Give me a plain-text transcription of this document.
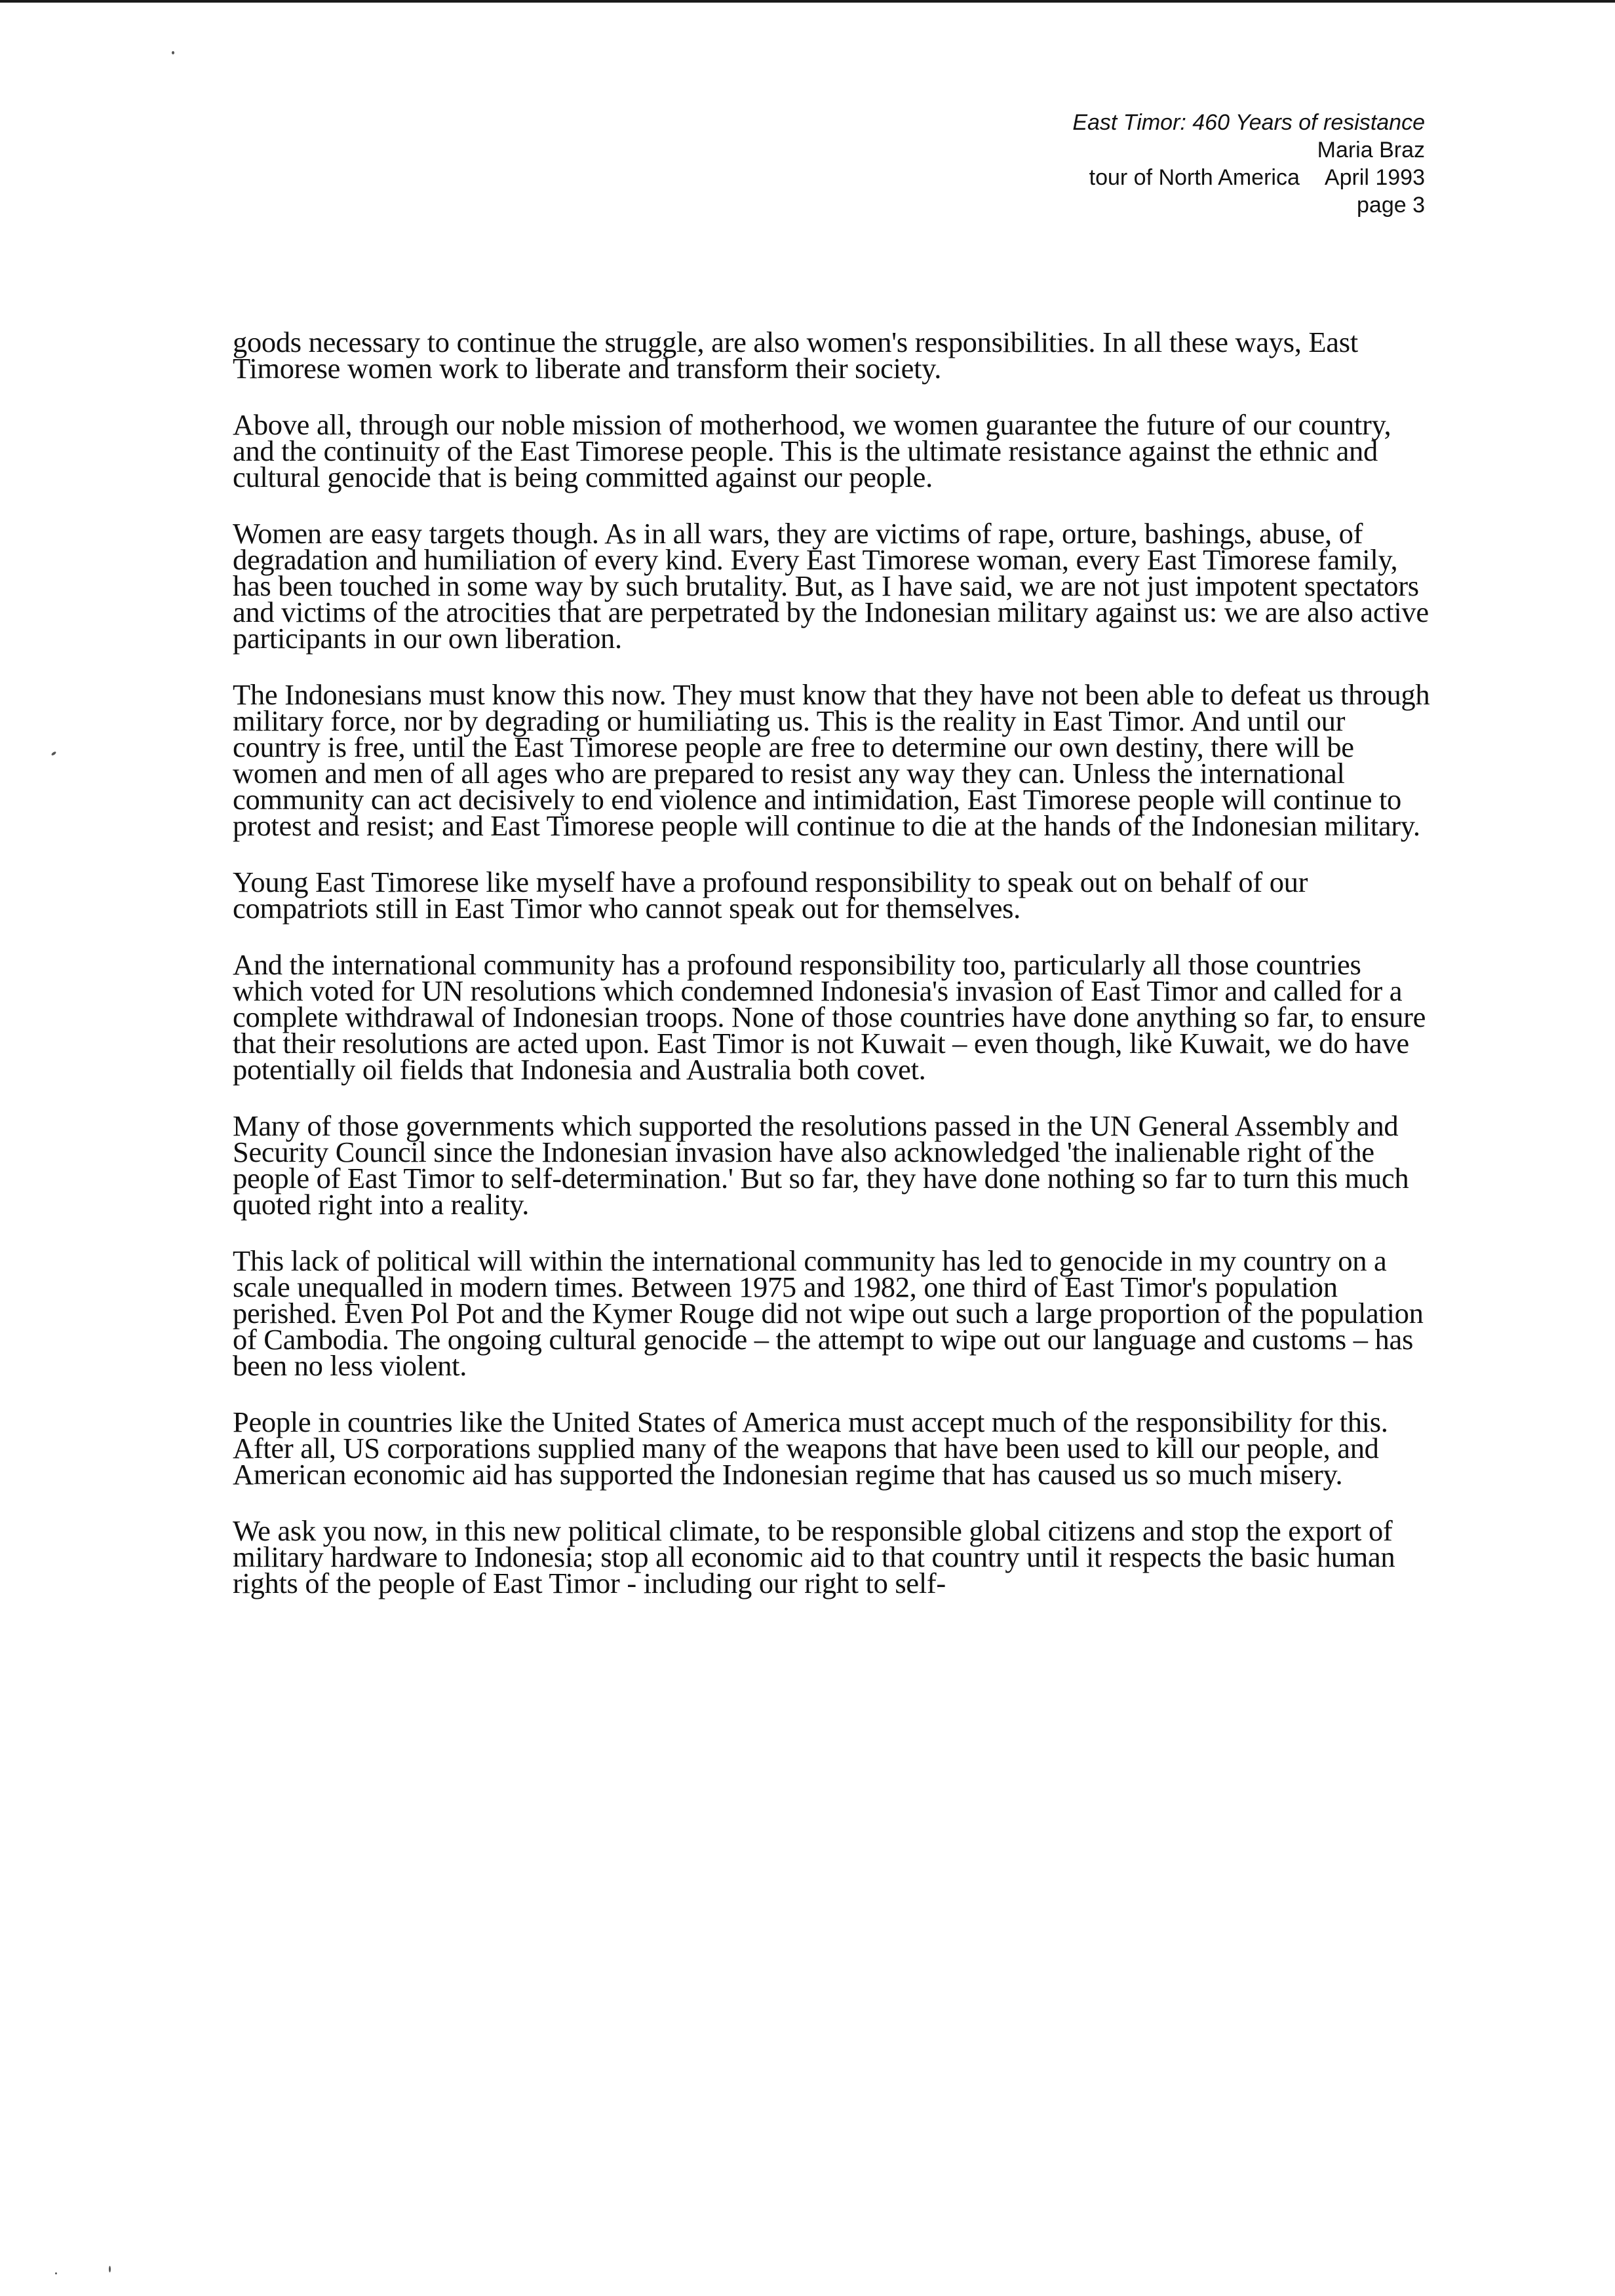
East Timor: 460 Years of resistance
Maria Braz
tour of North America April 1993
page 3

goods necessary to continue the struggle, are also women's responsibilities. In all these ways, East Timorese women work to liberate and transform their society.

Above all, through our noble mission of motherhood, we women guarantee the future of our country, and the continuity of the East Timorese people. This is the ultimate resistance against the ethnic and cultural genocide that is being committed against our people.

Women are easy targets though. As in all wars, they are victims of rape, orture, bashings, abuse, of degradation and humiliation of every kind. Every East Timorese woman, every East Timorese family, has been touched in some way by such brutality. But, as I have said, we are not just impotent spectators and victims of the atrocities that are perpetrated by the Indonesian military against us: we are also active participants in our own liberation.

The Indonesians must know this now. They must know that they have not been able to defeat us through military force, nor by degrading or humiliating us. This is the reality in East Timor. And until our country is free, until the East Timorese people are free to determine our own destiny, there will be women and men of all ages who are prepared to resist any way they can. Unless the international community can act decisively to end violence and intimidation, East Timorese people will continue to protest and resist; and East Timorese people will continue to die at the hands of the Indonesian military.

Young East Timorese like myself have a profound responsibility to speak out on behalf of our compatriots still in East Timor who cannot speak out for themselves.

And the international community has a profound responsibility too, particularly all those countries which voted for UN resolutions which condemned Indonesia's invasion of East Timor and called for a complete withdrawal of Indonesian troops. None of those countries have done anything so far, to ensure that their resolutions are acted upon. East Timor is not Kuwait – even though, like Kuwait, we do have potentially oil fields that Indonesia and Australia both covet.

Many of those governments which supported the resolutions passed in the UN General Assembly and Security Council since the Indonesian invasion have also acknowledged 'the inalienable right of the people of East Timor to self-determination.' But so far, they have done nothing so far to turn this much quoted right into a reality.

This lack of political will within the international community has led to genocide in my country on a scale unequalled in modern times. Between 1975 and 1982, one third of East Timor's population perished. Even Pol Pot and the Kymer Rouge did not wipe out such a large proportion of the population of Cambodia. The ongoing cultural genocide – the attempt to wipe out our language and customs – has been no less violent.

People in countries like the United States of America must accept much of the responsibility for this. After all, US corporations supplied many of the weapons that have been used to kill our people, and American economic aid has supported the Indonesian regime that has caused us so much misery.

We ask you now, in this new political climate, to be responsible global citizens and stop the export of military hardware to Indonesia; stop all economic aid to that country until it respects the basic human rights of the people of East Timor - including our right to self-
